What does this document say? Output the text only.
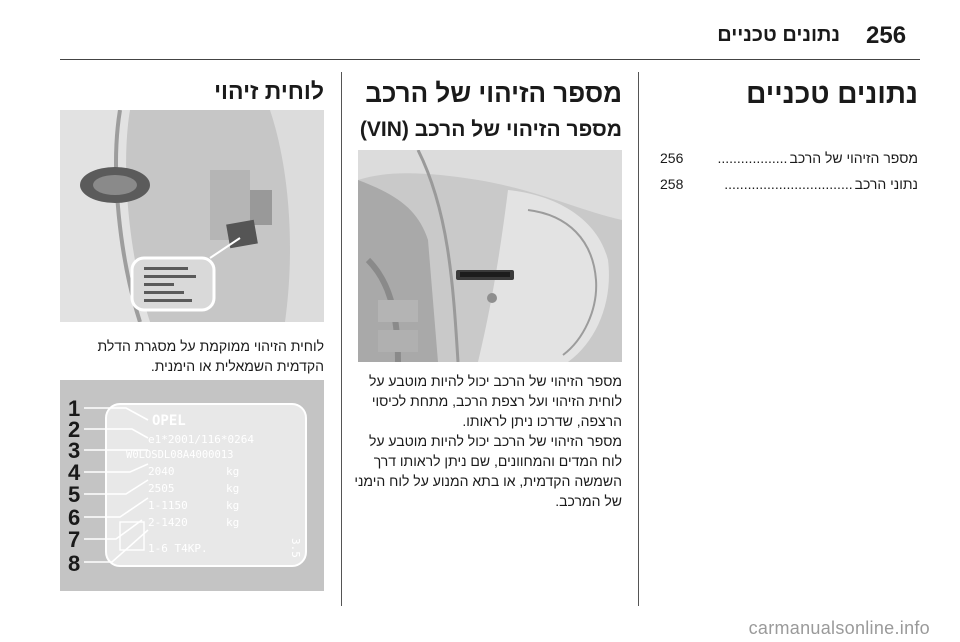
256
נתונים טכניים
נתונים טכניים
מספר הזיהוי של הרכב
..................
256
נתוני הרכב
.................................
258
מספר הזיהוי של הרכב
מספר הזיהוי של הרכב (VIN)
מספר הזיהוי של הרכב יכול להיות מוטבע על לוחית הזיהוי ועל רצפת הרכב, מתחת לכיסוי הרצפה, שדרכו ניתן לראותו.
מספר הזיהוי של הרכב יכול להיות מוטבע על לוח המדים והמחוונים, שם ניתן לראותו דרך השמשה הקדמית, או בתא המנוע על לוח הימני של המרכב.
לוחית זיהוי
לוחית הזיהוי ממוקמת על מסגרת הדלת הקדמית השמאלית או הימנית.
1
2
3
4
5
6
7
8
OPEL
e1*2001/116*0264
W0LOSDL08A4000013
2040
2505
1-1150
2-1420
kg
kg
kg
kg
1-6 T4KP.	3.5
carmanualsonline.info
